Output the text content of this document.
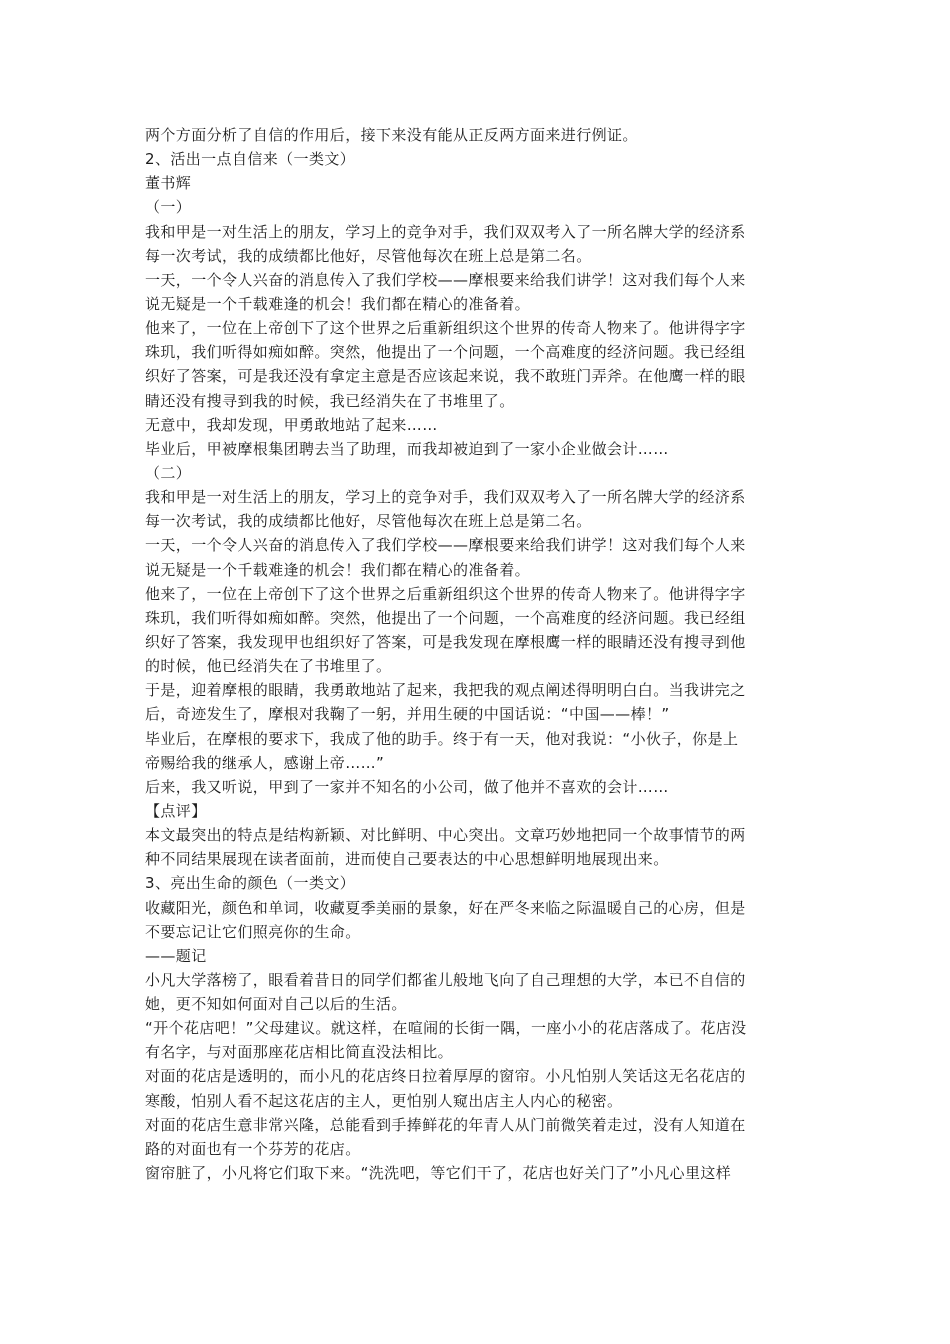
两个方面分析了自信的作用后，接下来没有能从正反两方面来进行例证。
2、活出一点自信来（一类文）
董书辉
（一）
我和甲是一对生活上的朋友，学习上的竞争对手，我们双双考入了一所名牌大学的经济系
每一次考试，我的成绩都比他好，尽管他每次在班上总是第二名。
一天，一个令人兴奋的消息传入了我们学校——摩根要来给我们讲学！这对我们每个人来
说无疑是一个千载难逢的机会！我们都在精心的准备着。
他来了，一位在上帝创下了这个世界之后重新组织这个世界的传奇人物来了。他讲得字字
珠玑，我们听得如痴如醉。突然，他提出了一个问题，一个高难度的经济问题。我已经组
织好了答案，可是我还没有拿定主意是否应该起来说，我不敢班门弄斧。在他鹰一样的眼
睛还没有搜寻到我的时候，我已经消失在了书堆里了。
无意中，我却发现，甲勇敢地站了起来……
毕业后，甲被摩根集团聘去当了助理，而我却被迫到了一家小企业做会计……
（二）
我和甲是一对生活上的朋友，学习上的竞争对手，我们双双考入了一所名牌大学的经济系
每一次考试，我的成绩都比他好，尽管他每次在班上总是第二名。
一天，一个令人兴奋的消息传入了我们学校——摩根要来给我们讲学！这对我们每个人来
说无疑是一个千载难逢的机会！我们都在精心的准备着。
他来了，一位在上帝创下了这个世界之后重新组织这个世界的传奇人物来了。他讲得字字
珠玑，我们听得如痴如醉。突然，他提出了一个问题，一个高难度的经济问题。我已经组
织好了答案，我发现甲也组织好了答案，可是我发现在摩根鹰一样的眼睛还没有搜寻到他
的时候，他已经消失在了书堆里了。
于是，迎着摩根的眼睛，我勇敢地站了起来，我把我的观点阐述得明明白白。当我讲完之
后，奇迹发生了，摩根对我鞠了一躬，并用生硬的中国话说：“中国——棒！”
毕业后，在摩根的要求下，我成了他的助手。终于有一天，他对我说：“小伙子，你是上
帝赐给我的继承人，感谢上帝……”
后来，我又听说，甲到了一家并不知名的小公司，做了他并不喜欢的会计……
【点评】
本文最突出的特点是结构新颖、对比鲜明、中心突出。文章巧妙地把同一个故事情节的两
种不同结果展现在读者面前，进而使自己要表达的中心思想鲜明地展现出来。
3、亮出生命的颜色（一类文）
收藏阳光，颜色和单词，收藏夏季美丽的景象，好在严冬来临之际温暖自己的心房，但是
不要忘记让它们照亮你的生命。
——题记
小凡大学落榜了，眼看着昔日的同学们都雀儿般地飞向了自己理想的大学，本已不自信的
她，更不知如何面对自己以后的生活。
“开个花店吧！”父母建议。就这样，在喧闹的长街一隅，一座小小的花店落成了。花店没
有名字，与对面那座花店相比简直没法相比。
对面的花店是透明的，而小凡的花店终日拉着厚厚的窗帘。小凡怕别人笑话这无名花店的
寒酸，怕别人看不起这花店的主人，更怕别人窥出店主人内心的秘密。
对面的花店生意非常兴隆，总能看到手捧鲜花的年青人从门前微笑着走过，没有人知道在
路的对面也有一个芬芳的花店。
窗帘脏了，小凡将它们取下来。“洗洗吧，等它们干了，花店也好关门了”小凡心里这样
